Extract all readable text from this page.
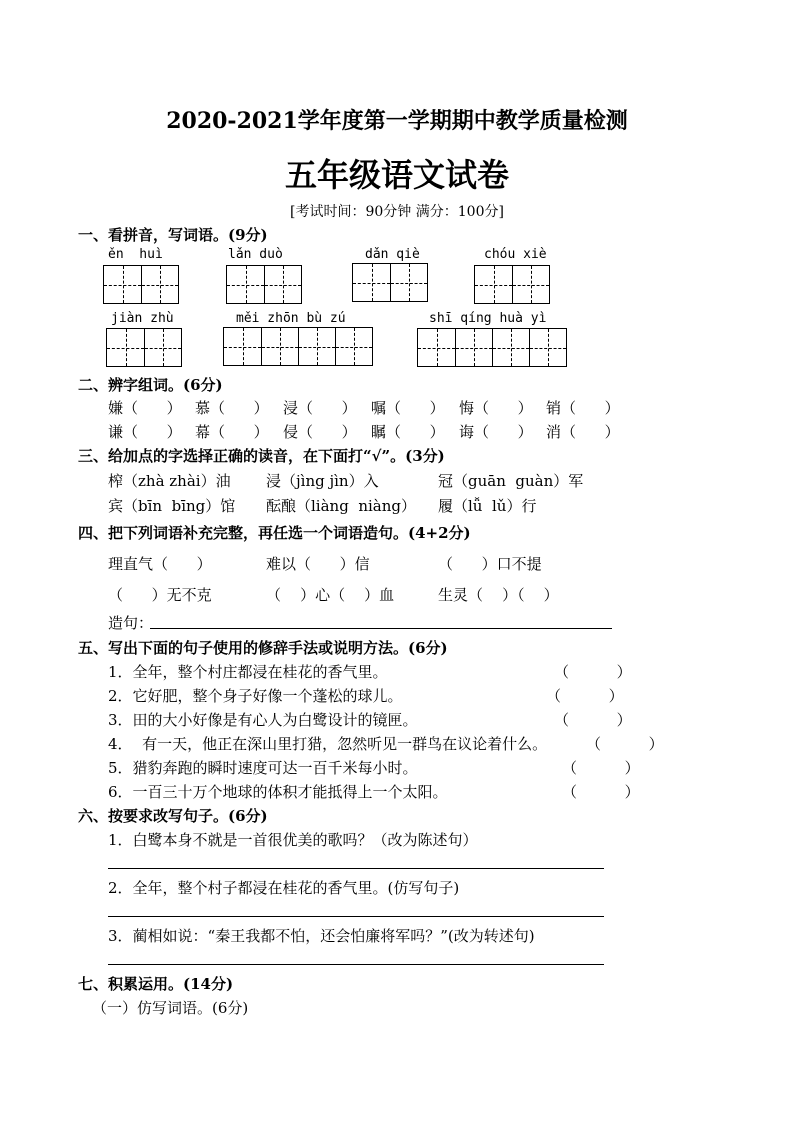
2020-2021学年度第一学期期中教学质量检测
五年级语文试卷
[考试时间：90分钟 满分：100分]
一、看拼音，写词语。(9分)
ěn  huì	lǎn duò	dǎn qiè	chóu xiè
jiàn zhù	měi zhōn bù zú	shī qíng huà yì
二、辨字组词。(6分)
嫌（      ） 慕（      ） 浸（      ） 嘱（      ） 悔（      ） 销（      ）
谦（      ） 幕（      ） 侵（      ） 瞩（      ） 诲（      ） 消（      ）
三、给加点的字选择正确的读音，在下面打“√”。(3分)
榨（zhà zhài）油 浸（jìng jìn）入	冠（guān  guàn）军
宾（bīn  bīng）馆 酝酿（liàng  niàng） 履（lǚ  lǔ）行
四、把下列词语补充完整，再任选一个词语造句。(4+2分)
理直气（      ）	难以（      ）信	（      ）口不提
（      ）无不克	（    ）心（    ）血	生灵（    ）（    ）
造句：
五、写出下面的句子使用的修辞手法或说明方法。(6分)
1．全年，整个村庄都浸在桂花的香气里。	（          ）
2．它好肥，整个身子好像一个蓬松的球儿。	（          ）
3．田的大小好像是有心人为白鹭设计的镜匣。	（          ）
4．  有一天，他正在深山里打猎，忽然听见一群鸟在议论着什么。	（          ）
5．猎豹奔跑的瞬时速度可达一百千米每小时。	（          ）
6．一百三十万个地球的体积才能抵得上一个太阳。	（          ）
六、按要求改写句子。(6分)
1．白鹭本身不就是一首很优美的歌吗？（改为陈述句）
2．全年，整个村子都浸在桂花的香气里。(仿写句子)
3．蔺相如说：“秦王我都不怕，还会怕廉将军吗？”(改为转述句)
七、积累运用。(14分)
（一）仿写词语。(6分)
